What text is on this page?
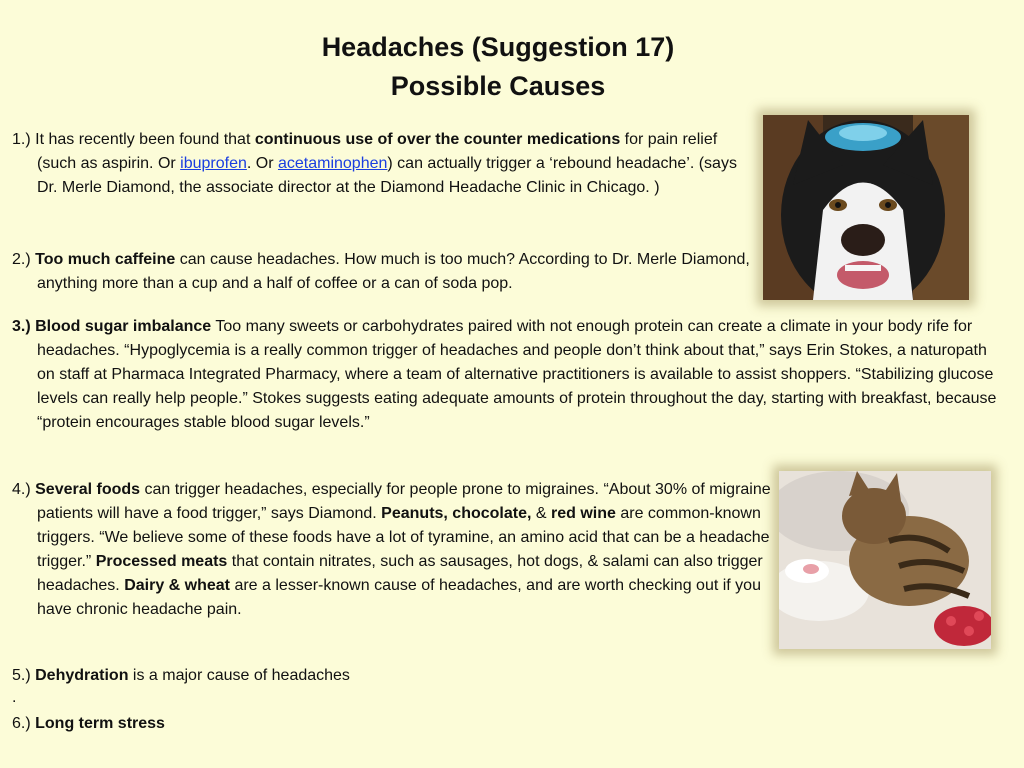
Headaches (Suggestion 17)
Possible Causes
1.) It has recently been found that continuous use of over the counter medications for pain relief (such as aspirin. Or ibuprofen. Or acetaminophen) can actually trigger a ‘rebound headache’. (says Dr. Merle Diamond, the associate director at the Diamond Headache Clinic in Chicago. )
2.) Too much caffeine can cause headaches. How much is too much? According to Dr. Merle Diamond, anything more than a cup and a half of coffee or a can of soda pop.
3.) Blood sugar imbalance Too many sweets or carbohydrates paired with not enough protein can create a climate in your body rife for headaches. “Hypoglycemia is a really common trigger of headaches and people don’t think about that,” says Erin Stokes, a naturopath on staff at Pharmaca Integrated Pharmacy, where a team of alternative practitioners is available to assist shoppers. “Stabilizing glucose levels can really help people.” Stokes suggests eating adequate amounts of protein throughout the day, starting with breakfast, because “protein encourages stable blood sugar levels.”
4.) Several foods can trigger headaches, especially for people prone to migraines. “About 30% of migraine patients will have a food trigger,” says Diamond. Peanuts, chocolate, & red wine are common-known triggers. “We believe some of these foods have a lot of tyramine, an amino acid that can be a headache trigger.” Processed meats that contain nitrates, such as sausages, hot dogs, & salami can also trigger headaches. Dairy & wheat are a lesser-known cause of headaches, and are worth checking out if you have chronic headache pain.
5.) Dehydration is a major cause of headaches
.
6.) Long term stress
